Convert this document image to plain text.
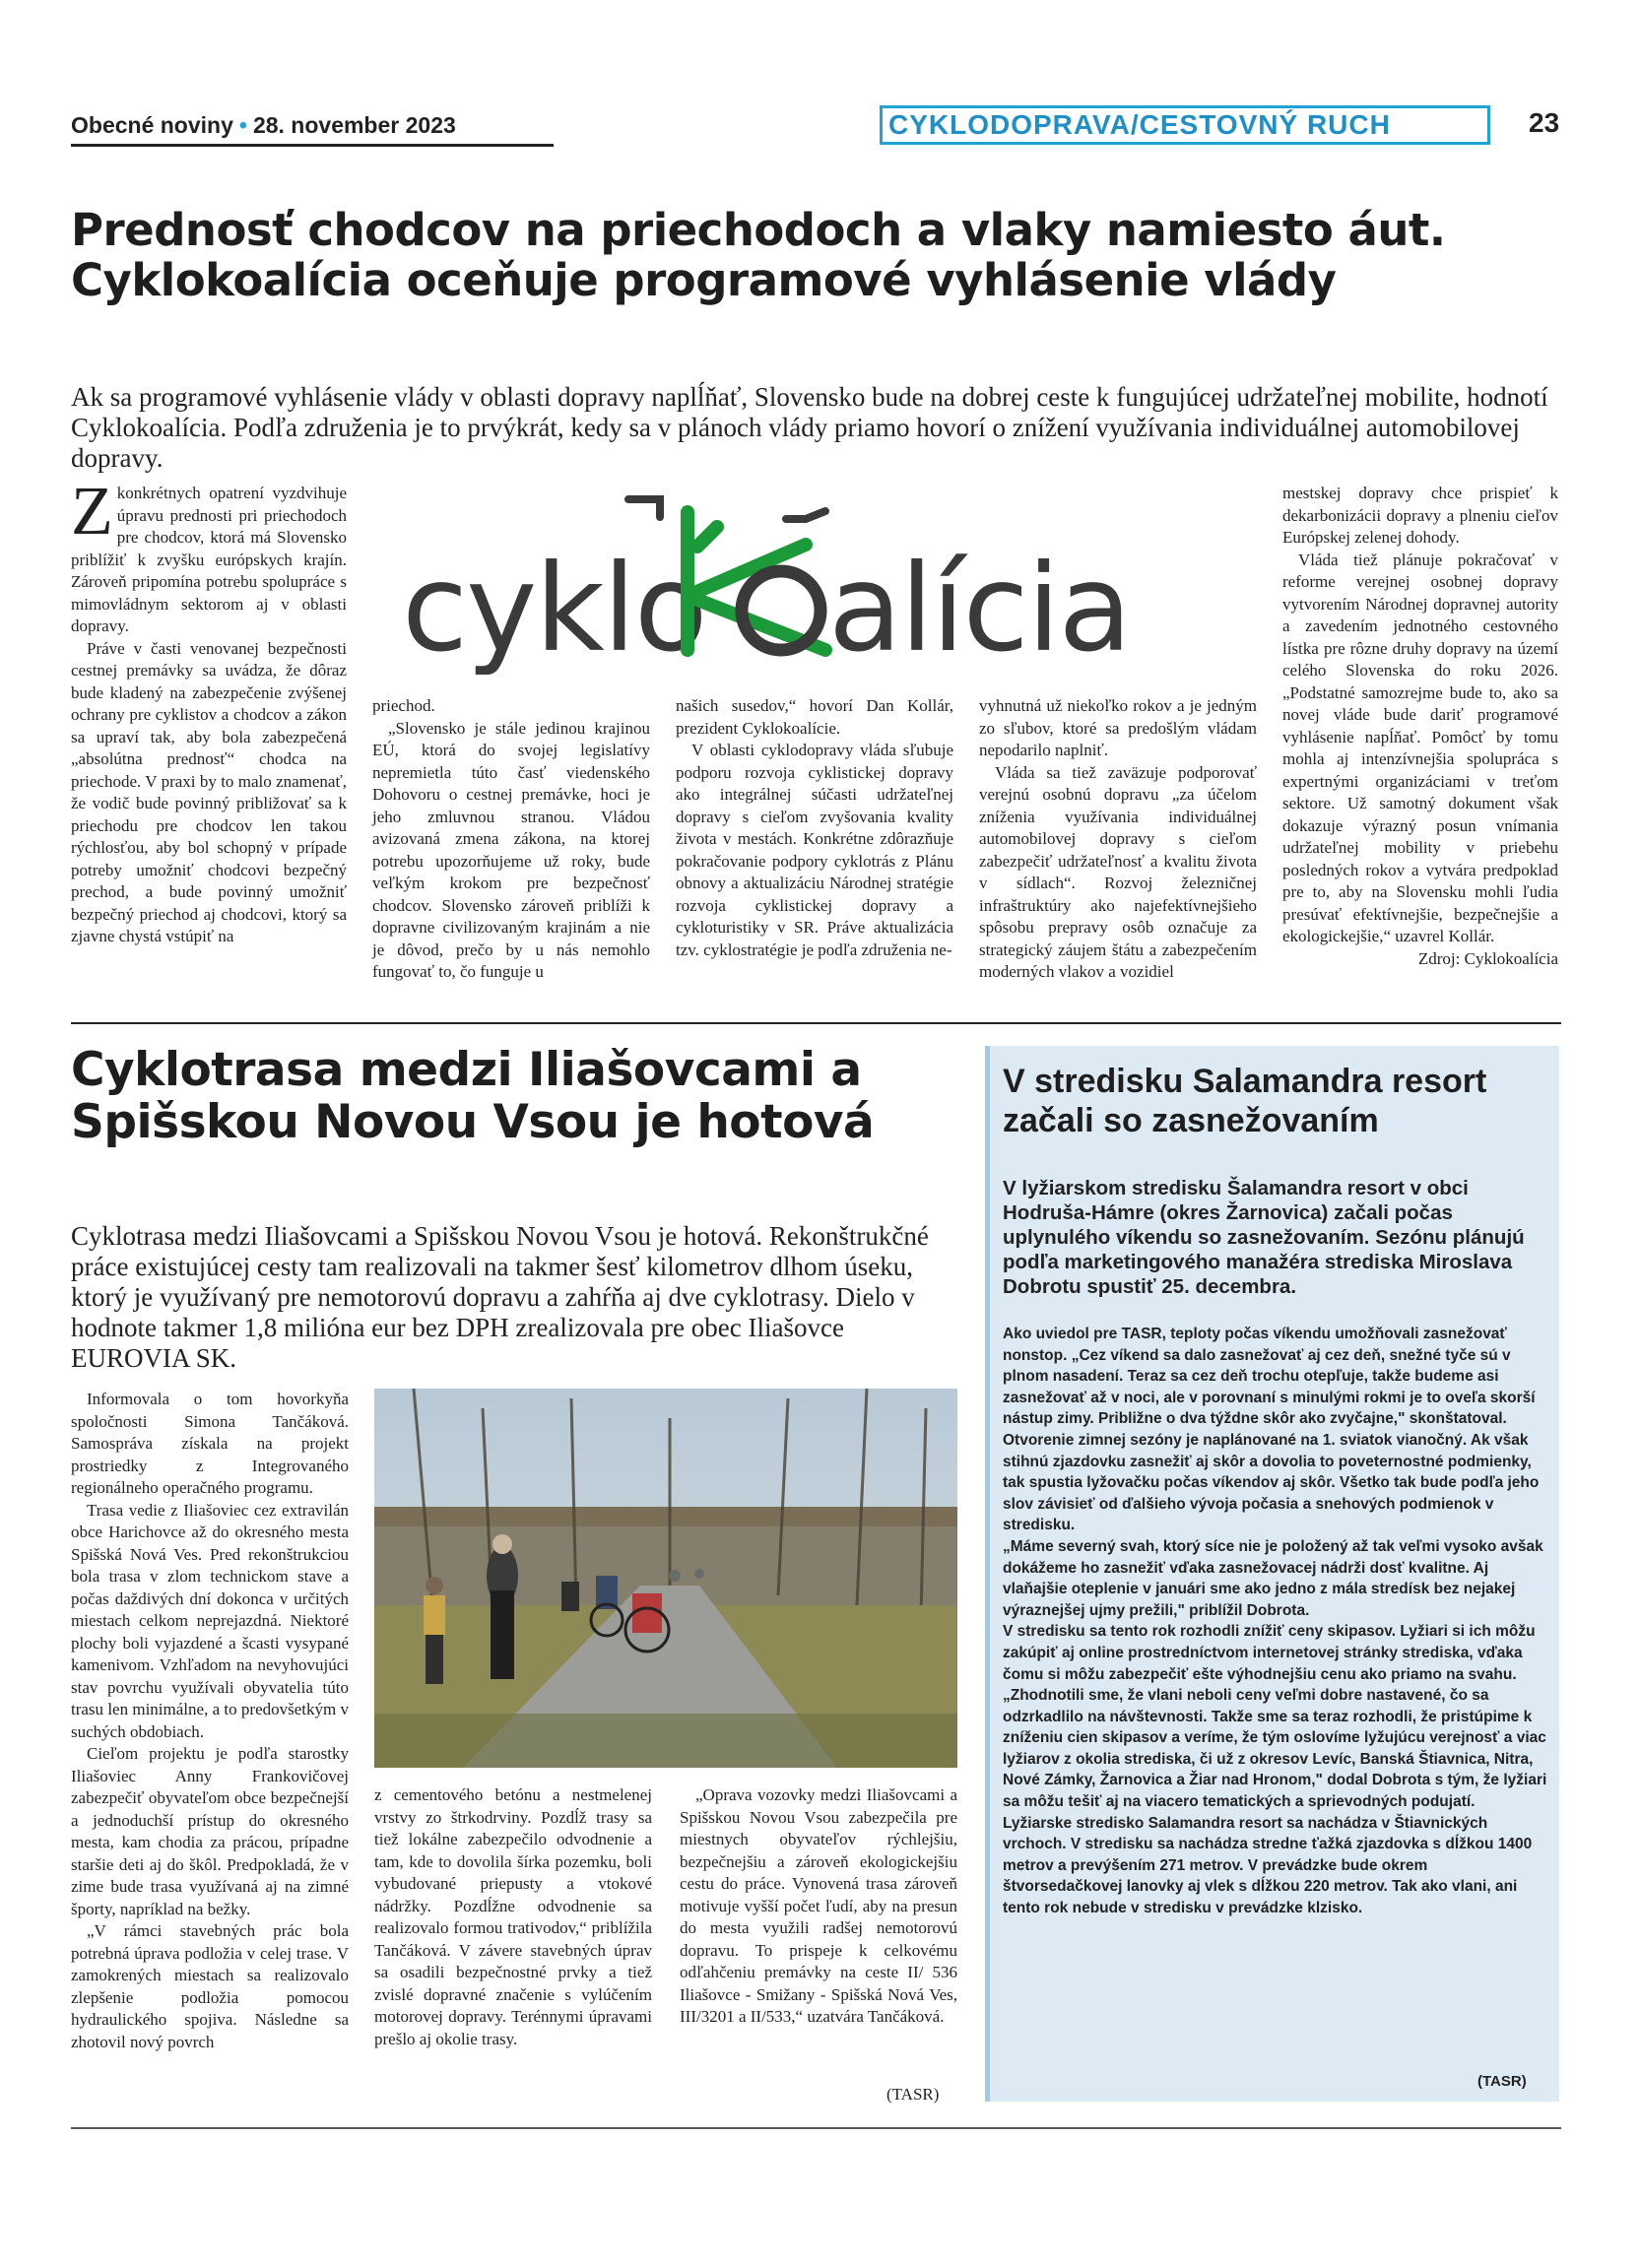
Obecné noviny • 28. november 2023	CYKLODOPRAVA/CESTOVNÝ RUCH	23
Prednosť chodcov na priechodoch a vlaky namiesto áut. Cyklokoalícia oceňuje programové vyhlásenie vlády

Ak sa programové vyhlásenie vlády v oblasti dopravy naplĺňať, Slovensko bude na dobrej ceste k fungujúcej udržateľnej mobilite, hodnotí Cyklokoalícia. Podľa združenia je to prvýkrát, kedy sa v plánoch vlády priamo hovorí o znížení využívania individuálnej automobilovej dopravy.

Zkonkrétnych opatrení vyzdvihuje úpravu prednosti pri priechodoch pre chodcov, ktorá má Slovensko priblížiť k zvyšku európskych krajín. Zároveň pripomína potrebu spolupráce s mimovládnym sektorom aj v oblasti dopravy.

Práve v časti venovanej bezpečnosti cestnej premávky sa uvádza, že dôraz bude kladený na zabezpečenie zvýšenej ochrany pre cyklistov a chodcov a zákon sa upraví tak, aby bola zabezpečená „absolútna prednosť“ chodca na priechode. V praxi by to malo znamenať, že vodič bude povinný približovať sa k priechodu pre chodcov len takou rýchlosťou, aby bol schopný v prípade potreby umožniť chodcovi bezpečný prechod, a bude povinný umožniť bezpečný priechod aj chodcovi, ktorý sa zjavne chystá vstúpiť na

cyklo alícia

priechod.

„Slovensko je stále jedinou krajinou EÚ, ktorá do svojej legislatívy nepremietla túto časť viedenského Dohovoru o cestnej premávke, hoci je jeho zmluvnou stranou. Vládou avizovaná zmena zákona, na ktorej potrebu upozorňujeme už roky, bude veľkým krokom pre bezpečnosť chodcov. Slovensko zároveň priblíži k dopravne civilizovaným krajinám a nie je dôvod, prečo by u nás nemohlo fungovať to, čo funguje u

našich susedov,“ hovorí Dan Kollár, prezident Cyklokoalície.

V oblasti cyklodopravy vláda sľubuje podporu rozvoja cyklistickej dopravy ako integrálnej súčasti udržateľnej dopravy s cieľom zvyšovania kvality života v mestách. Konkrétne zdôrazňuje pokračovanie podpory cyklotrás z Plánu obnovy a aktualizáciu Národnej stratégie rozvoja cyklistickej dopravy a cykloturistiky v SR. Práve aktualizácia tzv. cyklostratégie je podľa združenia ne-

vyhnutná už niekoľko rokov a je jedným zo sľubov, ktoré sa predošlým vládam nepodarilo naplniť.

Vláda sa tiež zaväzuje podporovať verejnú osobnú dopravu „za účelom zníženia využívania individuálnej automobilovej dopravy s cieľom zabezpečiť udržateľnosť a kvalitu života v sídlach“. Rozvoj železničnej infraštruktúry ako najefektívnejšieho spôsobu prepravy osôb označuje za strategický záujem štátu a zabezpečením moderných vlakov a vozidiel

mestskej dopravy chce prispieť k dekarbonizácii dopravy a plneniu cieľov Európskej zelenej dohody.

Vláda tiež plánuje pokračovať v reforme verejnej osobnej dopravy vytvorením Národnej dopravnej autority a zavedením jednotného cestovného lístka pre rôzne druhy dopravy na území celého Slovenska do roku 2026. „Podstatné samozrejme bude to, ako sa novej vláde bude dariť programové vyhlásenie napĺňať. Pomôcť by tomu mohla aj intenzívnejšia spolupráca s expertnými organizáciami v treťom sektore. Už samotný dokument však dokazuje výrazný posun vnímania udržateľnej mobility v priebehu posledných rokov a vytvára predpoklad pre to, aby na Slovensku mohli ľudia presúvať efektívnejšie, bezpečnejšie a ekologickejšie,“ uzavrel Kollár.

Zdroj: Cyklokoalícia

Cyklotrasa medzi Iliašovcami a Spišskou Novou Vsou je hotová

Cyklotrasa medzi Iliašovcami a Spišskou Novou Vsou je hotová. Rekonštrukčné práce existujúcej cesty tam realizovali na takmer šesť kilometrov dlhom úseku, ktorý je využívaný pre nemotorovú dopravu a zahŕňa aj dve cyklotrasy. Dielo v hodnote takmer 1,8 milióna eur bez DPH zrealizovala pre obec Iliašovce EUROVIA SK.

Informovala o tom hovorkyňa spoločnosti Simona Tančáková. Samospráva získala na projekt prostriedky z Integrovaného regionálneho operačného programu.

Trasa vedie z Iliašoviec cez extravilán obce Harichovce až do okresného mesta Spišská Nová Ves. Pred rekonštrukciou bola trasa v zlom technickom stave a počas daždivých dní dokonca v určitých miestach celkom neprejazdná. Niektoré plochy boli vyjazdené a šcasti vysypané kamenivom. Vzhľadom na nevyhovujúci stav povrchu využívali obyvatelia túto trasu len minimálne, a to predovšetkým v suchých obdobiach.

Cieľom projektu je podľa starostky Iliašoviec Anny Frankovičovej zabezpečiť obyvateľom obce bezpečnejší a jednoduchší prístup do okresného mesta, kam chodia za prácou, prípadne staršie deti aj do škôl. Predpokladá, že v zime bude trasa využívaná aj na zimné športy, napríklad na bežky.

„V rámci stavebných prác bola potrebná úprava podložia v celej trase. V zamokrených miestach sa realizovalo zlepšenie podložia pomocou hydraulického spojiva. Následne sa zhotovil nový povrch

z cementového betónu a nestmelenej vrstvy zo štrkodrviny. Pozdĺž trasy sa tiež lokálne zabezpečilo odvodnenie a tam, kde to dovolila šírka pozemku, boli vybudované priepusty a vtokové nádržky. Pozdĺžne odvodnenie sa realizovalo formou trativodov,“ priblížila Tančáková. V závere stavebných úprav sa osadili bezpečnostné prvky a tiež zvislé dopravné značenie s vylúčením motorovej dopravy. Terénnymi úpravami prešlo aj okolie trasy.

„Oprava vozovky medzi Iliašovcami a Spišskou Novou Vsou zabezpečila pre miestnych obyvateľov rýchlejšiu, bezpečnejšiu a zároveň ekologickejšiu cestu do práce. Vynovená trasa zároveň motivuje vyšší počet ľudí, aby na presun do mesta využili radšej nemotorovú dopravu. To prispeje k celkovému odľahčeniu premávky na ceste II/ 536 Iliašovce - Smižany - Spišská Nová Ves, III/3201 a II/533,“ uzatvára Tančáková.

(TASR)
V stredisku Salamandra resort začali so zasnežovaním

V lyžiarskom stredisku Šalamandra resort v obci Hodruša-Hámre (okres Žarnovica) začali počas uplynulého víkendu so zasnežovaním. Sezónu plánujú podľa marketingového manažéra strediska Miroslava Dobrotu spustiť 25. decembra.

Ako uviedol pre TASR, teploty počas víkendu umožňovali zasnežovať nonstop. „Cez víkend sa dalo zasnežovať aj cez deň, snežné tyče sú v plnom nasadení. Teraz sa cez deň trochu otepľuje, takže budeme asi zasnežovať až v noci, ale v porovnaní s minulými rokmi je to oveľa skorší nástup zimy. Približne o dva týždne skôr ako zvyčajne," skonštatoval.

Otvorenie zimnej sezóny je naplánované na 1. sviatok vianočný. Ak však stihnú zjazdovku zasnežiť aj skôr a dovolia to poveternostné podmienky, tak spustia lyžovačku počas víkendov aj skôr. Všetko tak bude podľa jeho slov závisieť od ďalšieho vývoja počasia a snehových podmienok v stredisku.

„Máme severný svah, ktorý síce nie je položený až tak veľmi vysoko avšak dokážeme ho zasnežiť vďaka zasnežovacej nádrži dosť kvalitne. Aj vlaňajšie oteplenie v januári sme ako jedno z mála stredísk bez nejakej výraznejšej ujmy prežili," priblížil Dobrota.

V stredisku sa tento rok rozhodli znížiť ceny skipasov. Lyžiari si ich môžu zakúpiť aj online prostredníctvom internetovej stránky strediska, vďaka čomu si môžu zabezpečiť ešte výhodnejšiu cenu ako priamo na svahu.

„Zhodnotili sme, že vlani neboli ceny veľmi dobre nastavené, čo sa odzrkadlilo na návštevnosti. Takže sme sa teraz rozhodli, že pristúpime k zníženiu cien skipasov a veríme, že tým oslovíme lyžujúcu verejnosť a viac lyžiarov z okolia strediska, či už z okresov Levíc, Banská Štiavnica, Nitra, Nové Zámky, Žarnovica a Žiar nad Hronom," dodal Dobrota s tým, že lyžiari sa môžu tešiť aj na viacero tematických a sprievodných podujatí.

Lyžiarske stredisko Salamandra resort sa nachádza v Štiavnických vrchoch. V stredisku sa nachádza stredne ťažká zjazdovka s dĺžkou 1400 metrov a prevýšením 271 metrov. V prevádzke bude okrem štvorsedačkovej lanovky aj vlek s dĺžkou 220 metrov. Tak ako vlani, ani tento rok nebude v stredisku v prevádzke klzisko.

(TASR)
